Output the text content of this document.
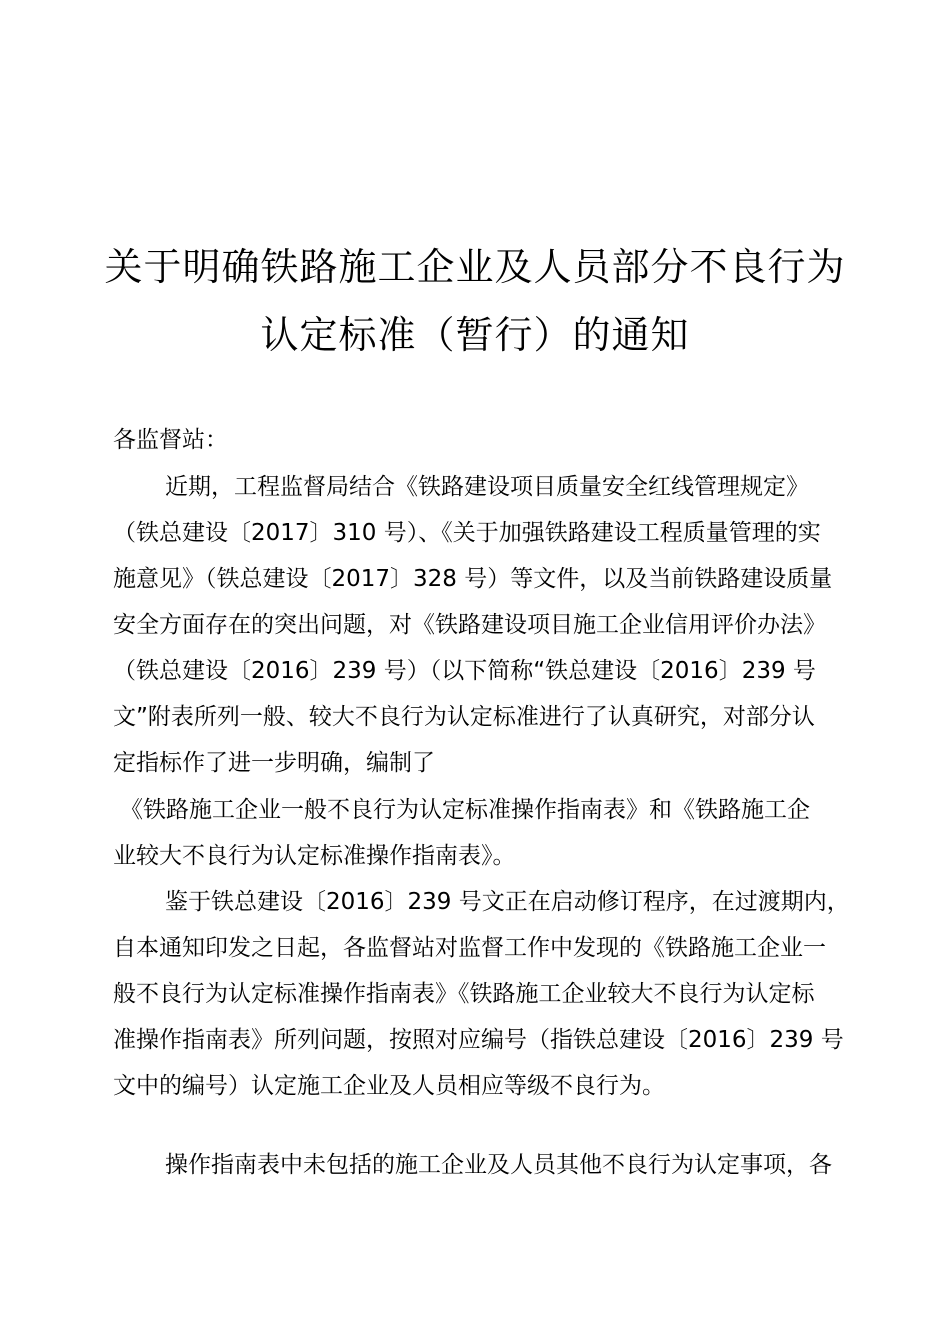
关于明确铁路施工企业及人员部分不良行为
认定标准（暂行）的通知
各监督站：
近期，工程监督局结合《铁路建设项目质量安全红线管理规定》
（铁总建设〔2017〕310 号）、《关于加强铁路建设工程质量管理的实
施意见》（铁总建设〔2017〕328 号）等文件，以及当前铁路建设质量
安全方面存在的突出问题，对《铁路建设项目施工企业信用评价办法》
（铁总建设〔2016〕239 号）（以下简称“铁总建设〔2016〕239 号
文”附表所列一般、较大不良行为认定标准进行了认真研究，对部分认
定指标作了进一步明确，编制了
《铁路施工企业一般不良行为认定标准操作指南表》和《铁路施工企
业较大不良行为认定标准操作指南表》。
鉴于铁总建设〔2016〕239 号文正在启动修订程序，在过渡期内，
自本通知印发之日起，各监督站对监督工作中发现的《铁路施工企业一
般不良行为认定标准操作指南表》《铁路施工企业较大不良行为认定标
准操作指南表》所列问题，按照对应编号（指铁总建设〔2016〕239 号
文中的编号）认定施工企业及人员相应等级不良行为。
操作指南表中未包括的施工企业及人员其他不良行为认定事项，各
